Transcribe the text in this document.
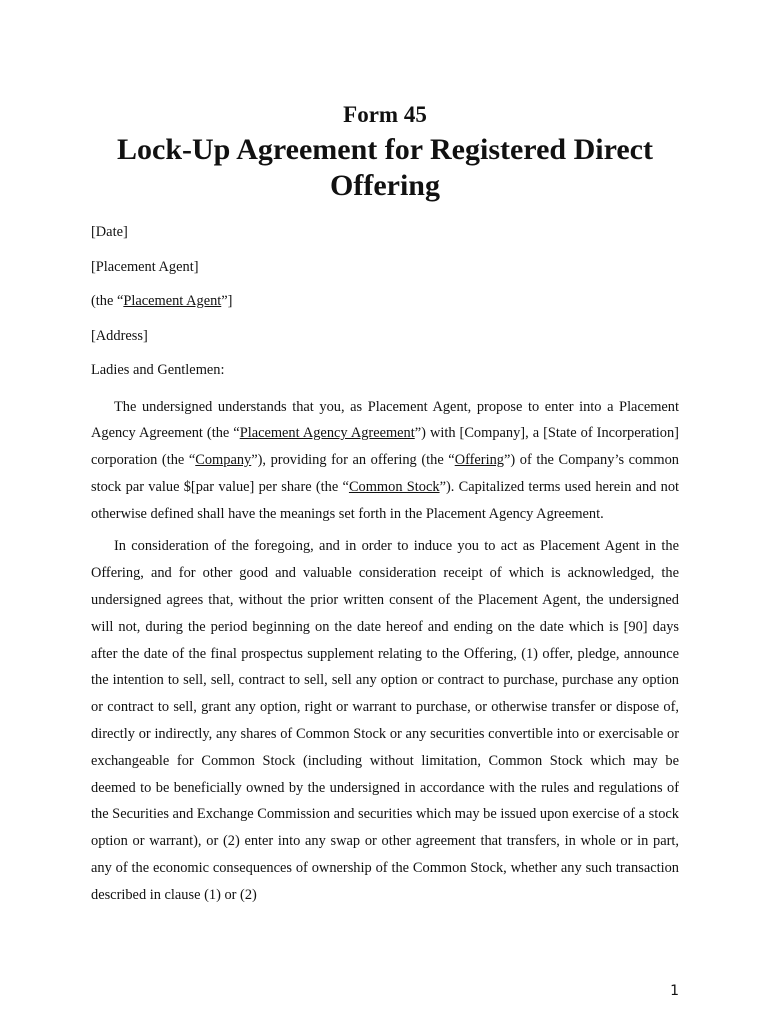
Form 45
Lock-Up Agreement for Registered Direct Offering

[Date]

[Placement Agent]

(the “Placement Agent”]

[Address]

Ladies and Gentlemen:

The undersigned understands that you, as Placement Agent, propose to enter into a Placement Agency Agreement (the “Placement Agency Agreement”) with [Company], a [State of Incorperation] corporation (the “Company”), providing for an offering (the “Offering”) of the Company’s common stock par value $[par value] per share (the “Common Stock”). Capitalized terms used herein and not otherwise defined shall have the meanings set forth in the Placement Agency Agreement.

In consideration of the foregoing, and in order to induce you to act as Placement Agent in the Offering, and for other good and valuable consideration receipt of which is acknowledged, the undersigned agrees that, without the prior written consent of the Placement Agent, the undersigned will not, during the period beginning on the date hereof and ending on the date which is [90] days after the date of the final prospectus supplement relating to the Offering, (1) offer, pledge, announce the intention to sell, sell, contract to sell, sell any option or contract to purchase, purchase any option or contract to sell, grant any option, right or warrant to purchase, or otherwise transfer or dispose of, directly or indirectly, any shares of Common Stock or any securities convertible into or exercisable or exchangeable for Common Stock (including without limitation, Common Stock which may be deemed to be beneficially owned by the undersigned in accordance with the rules and regulations of the Securities and Exchange Commission and securities which may be issued upon exercise of a stock option or warrant), or (2) enter into any swap or other agreement that transfers, in whole or in part, any of the economic consequences of ownership of the Common Stock, whether any such transaction described in clause (1) or (2)

1
